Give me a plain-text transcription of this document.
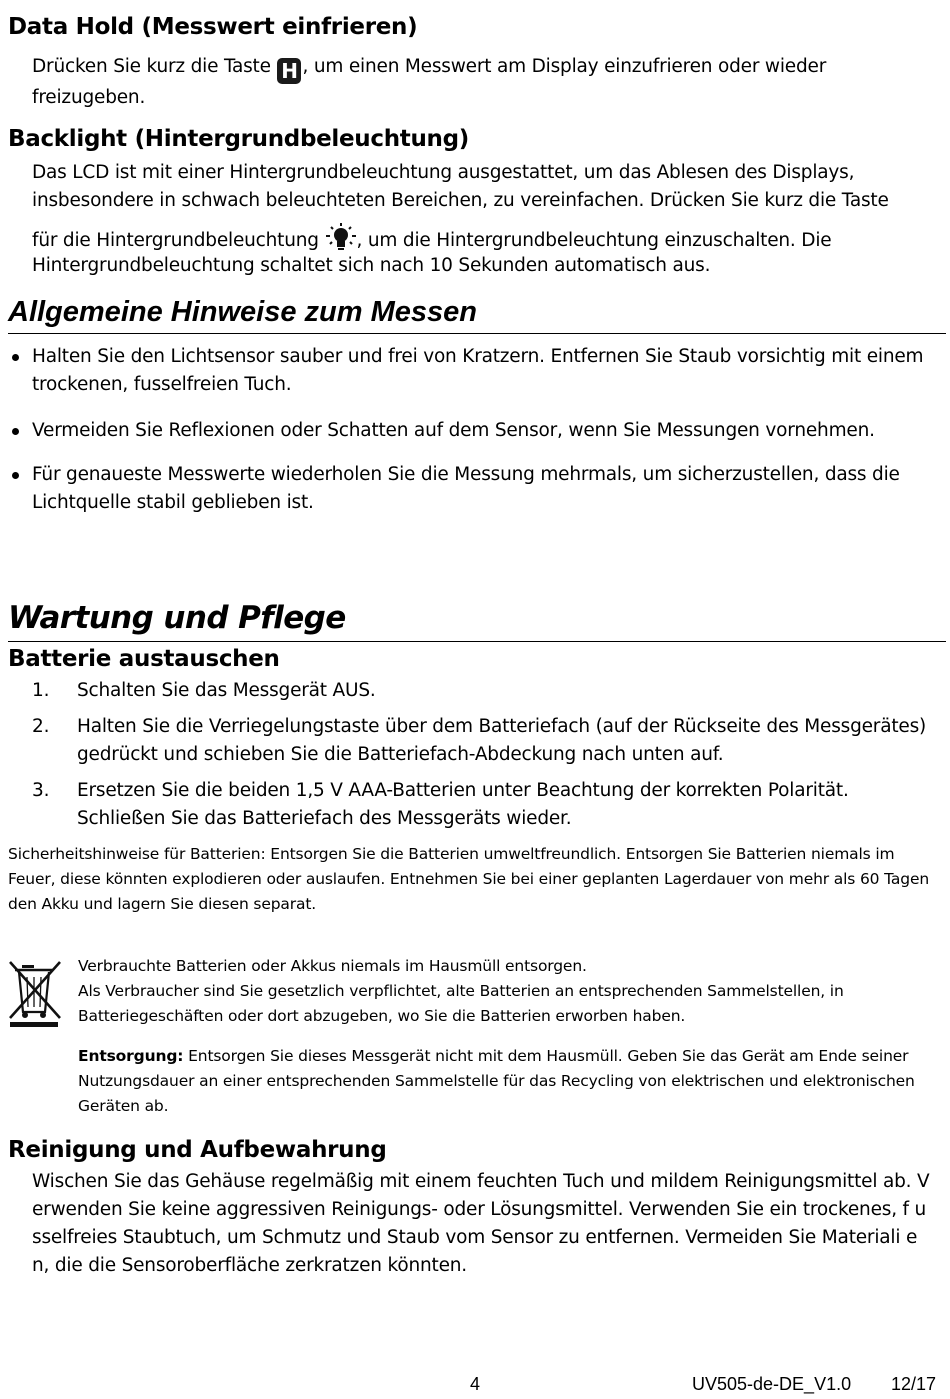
Data Hold (Messwert einfrieren)
Drücken Sie kurz die Taste H , um einen Messwert am Display einzufrieren oder wieder
freizugeben.
Backlight (Hintergrundbeleuchtung)
Das LCD ist mit einer Hintergrundbeleuchtung ausgestattet, um das Ablesen des Displays,
insbesondere in schwach beleuchteten Bereichen, zu vereinfachen. Drücken Sie kurz die Taste
für die Hintergrundbeleuchtung , um die Hintergrundbeleuchtung einzuschalten. Die
Hintergrundbeleuchtung schaltet sich nach 10 Sekunden automatisch aus.
Allgemeine Hinweise zum Messen
Halten Sie den Lichtsensor sauber und frei von Kratzern. Entfernen Sie Staub vorsichtig mit einem trockenen, fusselfreien Tuch.
Vermeiden Sie Reflexionen oder Schatten auf dem Sensor, wenn Sie Messungen vornehmen.
Für genaueste Messwerte wiederholen Sie die Messung mehrmals, um sicherzustellen, dass die Lichtquelle stabil geblieben ist.
Wartung und Pflege
Batterie austauschen
1. Schalten Sie das Messgerät AUS.
2. Halten Sie die Verriegelungstaste über dem Batteriefach (auf der Rückseite des Messgerätes) gedrückt und schieben Sie die Batteriefach-Abdeckung nach unten auf.
3. Ersetzen Sie die beiden 1,5 V AAA-Batterien unter Beachtung der korrekten Polarität. Schließen Sie das Batteriefach des Messgeräts wieder.
Sicherheitshinweise für Batterien: Entsorgen Sie die Batterien umweltfreundlich. Entsorgen Sie Batterien niemals im Feuer, diese könnten explodieren oder auslaufen. Entnehmen Sie bei einer geplanten Lagerdauer von mehr als 60 Tagen den Akku und lagern Sie diesen separat.
Verbrauchte Batterien oder Akkus niemals im Hausmüll entsorgen.
Als Verbraucher sind Sie gesetzlich verpflichtet, alte Batterien an entsprechenden Sammelstellen, in Batteriegeschäften oder dort abzugeben, wo Sie die Batterien erworben haben.
Entsorgung: Entsorgen Sie dieses Messgerät nicht mit dem Hausmüll. Geben Sie das Gerät am Ende seiner Nutzungsdauer an einer entsprechenden Sammelstelle für das Recycling von elektrischen und elektronischen Geräten ab.
Reinigung und Aufbewahrung
Wischen Sie das Gehäuse regelmäßig mit einem feuchten Tuch und mildem Reinigungsmittel ab. Verwenden Sie keine aggressiven Reinigungs- oder Lösungsmittel. Verwenden Sie ein trockenes, f usselfreies Staubtuch, um Schmutz und Staub vom Sensor zu entfernen. Vermeiden Sie Materiali en, die die Sensoroberfläche zerkratzen könnten.
4	UV505-de-DE_V1.0 12/17
